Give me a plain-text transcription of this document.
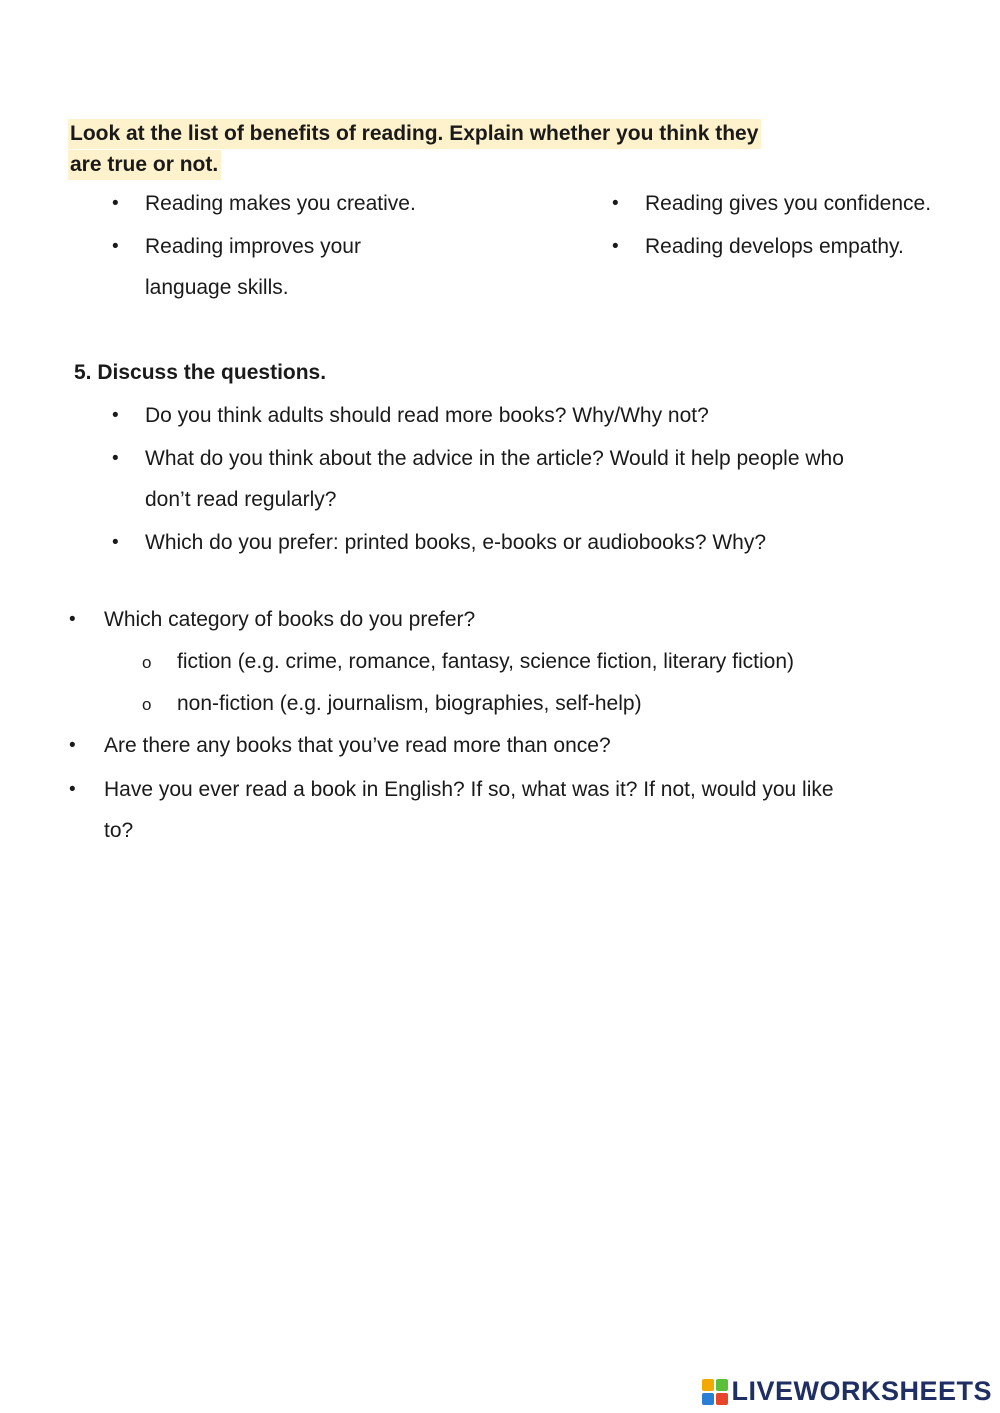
Look at the list of benefits of reading. Explain whether you think they
are true or not.
• Reading makes you creative.
• Reading improves your
language skills.
• Reading gives you confidence.
• Reading develops empathy.
5. Discuss the questions.
• Do you think adults should read more books? Why/Why not?
• What do you think about the advice in the article? Would it help people who
don’t read regularly?
• Which do you prefer: printed books, e-books or audiobooks? Why?
• Which category of books do you prefer?
o fiction (e.g. crime, romance, fantasy, science fiction, literary fiction)
o non-fiction (e.g. journalism, biographies, self-help)
• Are there any books that you’ve read more than once?
• Have you ever read a book in English? If so, what was it? If not, would you like
to?
LIVEWORKSHEETS
